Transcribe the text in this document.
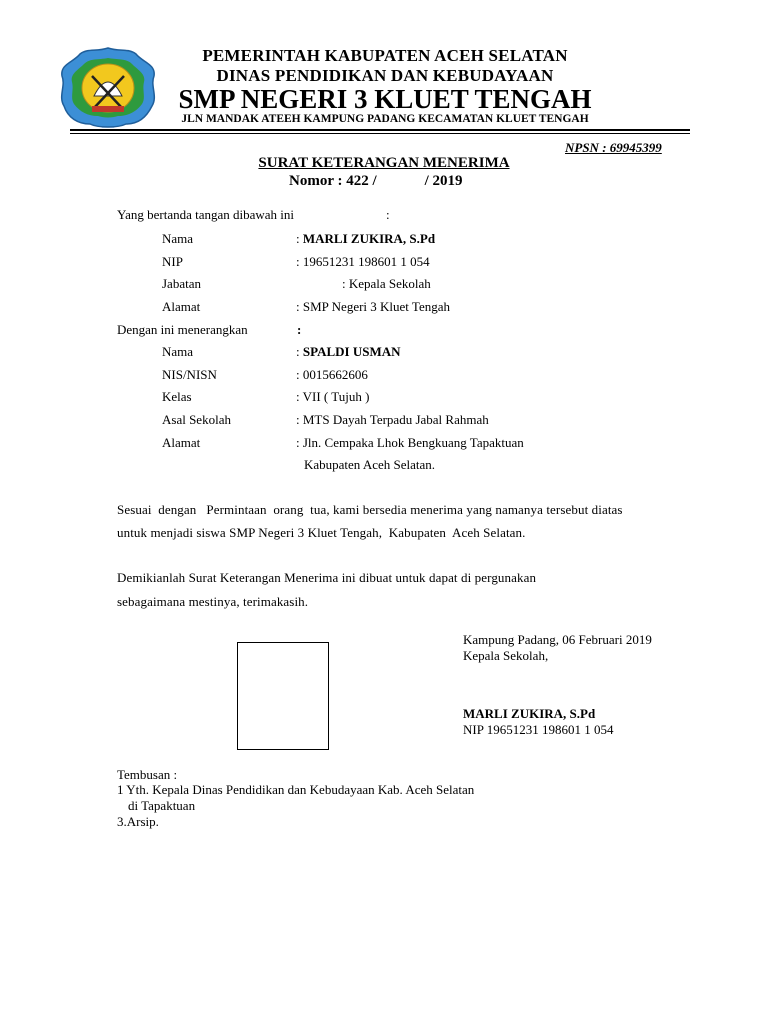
PEMERINTAH KABUPATEN ACEH SELATAN
DINAS PENDIDIKAN DAN KEBUDAYAAN
SMP NEGERI 3 KLUET TENGAH
JLN MANDAK ATEEH KAMPUNG PADANG KECAMATAN KLUET TENGAH
NPSN : 69945399
SURAT KETERANGAN MENERIMA
Nomor : 422 /	/ 2019
Yang bertanda tangan dibawah ini	:
Nama	: MARLI ZUKIRA, S.Pd
NIP	: 19651231 198601 1 054
Jabatan	: Kepala Sekolah
Alamat	: SMP Negeri 3 Kluet Tengah
Dengan ini menerangkan	:
Nama	: SPALDI USMAN
NIS/NISN	: 0015662606
Kelas	: VII ( Tujuh )
Asal Sekolah	: MTS Dayah Terpadu Jabal Rahmah
Alamat	: Jln. Cempaka Lhok Bengkuang Tapaktuan
Kabupaten Aceh Selatan.
Sesuai  dengan   Permintaan  orang  tua, kami bersedia menerima yang namanya tersebut diatas
untuk menjadi siswa SMP Negeri 3 Kluet Tengah,  Kabupaten  Aceh Selatan.
Demikianlah Surat Keterangan Menerima ini dibuat untuk dapat di pergunakan
sebagaimana mestinya, terimakasih.
Kampung Padang, 06 Februari 2019
Kepala Sekolah,
MARLI ZUKIRA, S.Pd
NIP 19651231 198601 1 054
Tembusan :
1 Yth. Kepala Dinas Pendidikan dan Kebudayaan Kab. Aceh Selatan
di Tapaktuan
3.Arsip.
